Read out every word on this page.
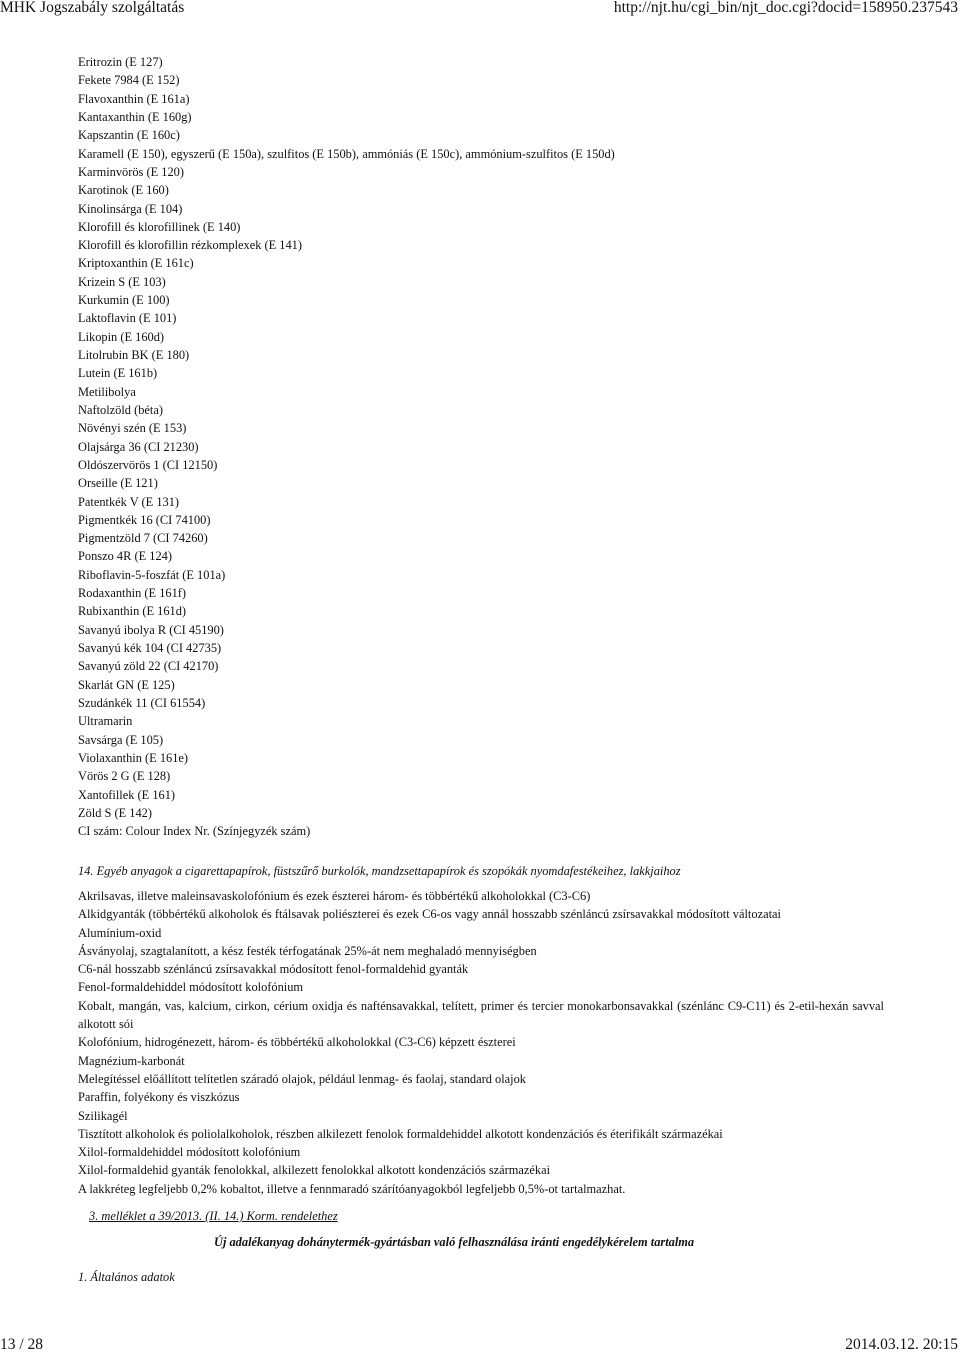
MHK Jogszabály szolgáltatás	http://njt.hu/cgi_bin/njt_doc.cgi?docid=158950.237543
Eritrozin (E 127)
Fekete 7984 (E 152)
Flavoxanthin (E 161a)
Kantaxanthin (E 160g)
Kapszantin (E 160c)
Karamell (E 150), egyszerű (E 150a), szulfitos (E 150b), ammóniás (E 150c), ammónium-szulfitos (E 150d)
Karminvörös (E 120)
Karotinok (E 160)
Kinolinsárga (E 104)
Klorofill és klorofillinek (E 140)
Klorofill és klorofillin rézkomplexek (E 141)
Kriptoxanthin (E 161c)
Krizein S (E 103)
Kurkumin (E 100)
Laktoflavin (E 101)
Likopin (E 160d)
Litolrubin BK (E 180)
Lutein (E 161b)
Metilibolya
Naftolzöld (béta)
Növényi szén (E 153)
Olajsárga 36 (CI 21230)
Oldószervörös 1 (CI 12150)
Orseille (E 121)
Patentkék V (E 131)
Pigmentkék 16 (CI 74100)
Pigmentzöld 7 (CI 74260)
Ponszo 4R (E 124)
Riboflavin-5-foszfát (E 101a)
Rodaxanthin (E 161f)
Rubixanthin (E 161d)
Savanyú ibolya R (CI 45190)
Savanyú kék 104 (CI 42735)
Savanyú zöld 22 (CI 42170)
Skarlát GN (E 125)
Szudánkék 11 (CI 61554)
Ultramarin
Savsárga (E 105)
Violaxanthin (E 161e)
Vörös 2 G (E 128)
Xantofillek (E 161)
Zöld S (E 142)
CI szám: Colour Index Nr. (Színjegyzék szám)
14. Egyéb anyagok a cigarettapapírok, füstszűrő burkolók, mandzsettapapírok és szopókák nyomdafestékeihez, lakkjaihoz
Akrilsavas, illetve maleinsavaskolofónium és ezek észterei három- és többértékű alkoholokkal (C3-C6)
Alkidgyanták (többértékű alkoholok és ftálsavak poliészterei és ezek C6-os vagy annál hosszabb szénláncú zsírsavakkal módosított változatai
Alumínium-oxid
Ásványolaj, szagtalanított, a kész festék térfogatának 25%-át nem meghaladó mennyiségben
C6-nál hosszabb szénláncú zsírsavakkal módosított fenol-formaldehid gyanták
Fenol-formaldehiddel módosított kolofónium
Kobalt, mangán, vas, kalcium, cirkon, cérium oxidja és nafténsavakkal, telített, primer és tercier monokarbonsavakkal (szénlánc C9-C11) és 2-etil-hexán savval alkotott sói
Kolofónium, hidrogénezett, három- és többértékű alkoholokkal (C3-C6) képzett észterei
Magnézium-karbonát
Melegítéssel előállított telítetlen száradó olajok, például lenmag- és faolaj, standard olajok
Paraffin, folyékony és viszkózus
Szilikagél
Tisztított alkoholok és poliolalkoholok, részben alkilezett fenolok formaldehiddel alkotott kondenzációs és éterifikált származékai
Xilol-formaldehiddel módosított kolofónium
Xilol-formaldehid gyanták fenolokkal, alkilezett fenolokkal alkotott kondenzációs származékai
A lakkréteg legfeljebb 0,2% kobaltot, illetve a fennmaradó szárítóanyagokból legfeljebb 0,5%-ot tartalmazhat.
3. melléklet a 39/2013. (II. 14.) Korm. rendelethez
Új adalékanyag dohánytermék-gyártásban való felhasználása iránti engedélykérelem tartalma
1. Általános adatok
13 / 28	2014.03.12. 20:15
